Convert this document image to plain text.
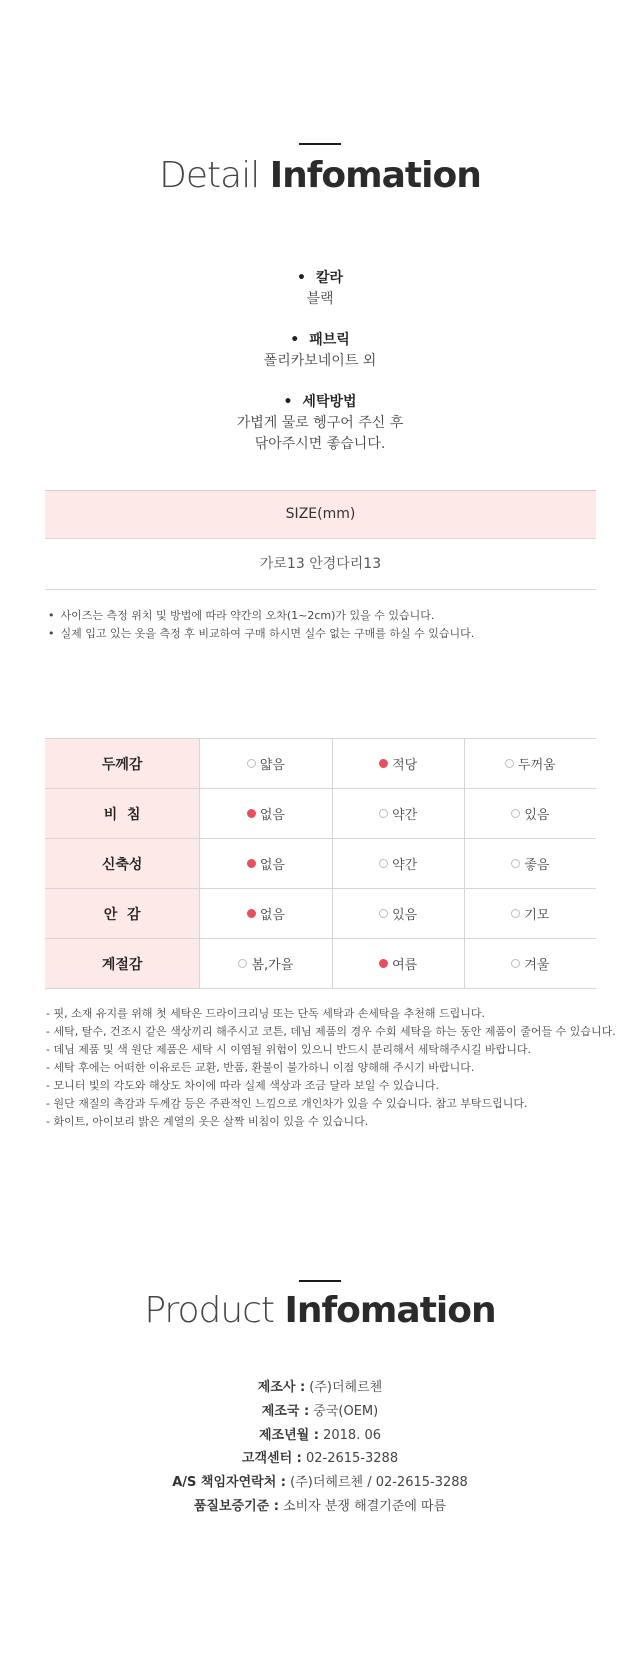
Detail Infomation
• 칼라
블랙
• 패브릭
폴리카보네이트 외
• 세탁방법
가볍게 물로 헹구어 주신 후
닦아주시면 좋습니다.
SIZE(mm)
가로13 안경다리13
• 사이즈는 측정 위치 및 방법에 따라 약간의 오차(1~2cm)가 있을 수 있습니다.
• 실제 입고 있는 옷을 측정 후 비교하여 구매 하시면 실수 없는 구매를 하실 수 있습니다.
두께감	얇음	적당	두꺼움
비  침	없음	약간	있음
신축성	없음	약간	좋음
안  감	없음	있음	기모
계절감	봄,가을	여름	겨울
- 핏, 소재 유지를 위해 첫 세탁은 드라이크리닝 또는 단독 세탁과 손세탁을 추천해 드립니다.
- 세탁, 탈수, 건조시 같은 색상끼리 해주시고 코튼, 데님 제품의 경우 수회 세탁을 하는 동안 제품이 줄어들 수 있습니다.
- 데님 제품 및 색 원단 제품은 세탁 시 이염될 위험이 있으니 반드시 분리해서 세탁해주시길 바랍니다.
- 세탁 후에는 어떠한 이유로든 교환, 반품, 환불이 불가하니 이점 양해해 주시기 바랍니다.
- 모니터 빛의 각도와 해상도 차이에 따라 실제 색상과 조금 달라 보일 수 있습니다.
- 원단 재질의 촉감과 두께감 등은 주관적인 느낌으로 개인차가 있을 수 있습니다. 참고 부탁드립니다.
- 화이트, 아이보리 밝은 계열의 옷은 살짝 비침이 있을 수 있습니다.
Product Infomation
제조사 : (주)더헤르첸
제조국 : 중국(OEM)
제조년월 : 2018. 06
고객센터 : 02-2615-3288
A/S 책임자연락처 : (주)더헤르첸 / 02-2615-3288
품질보증기준 : 소비자 분쟁 해결기준에 따름
